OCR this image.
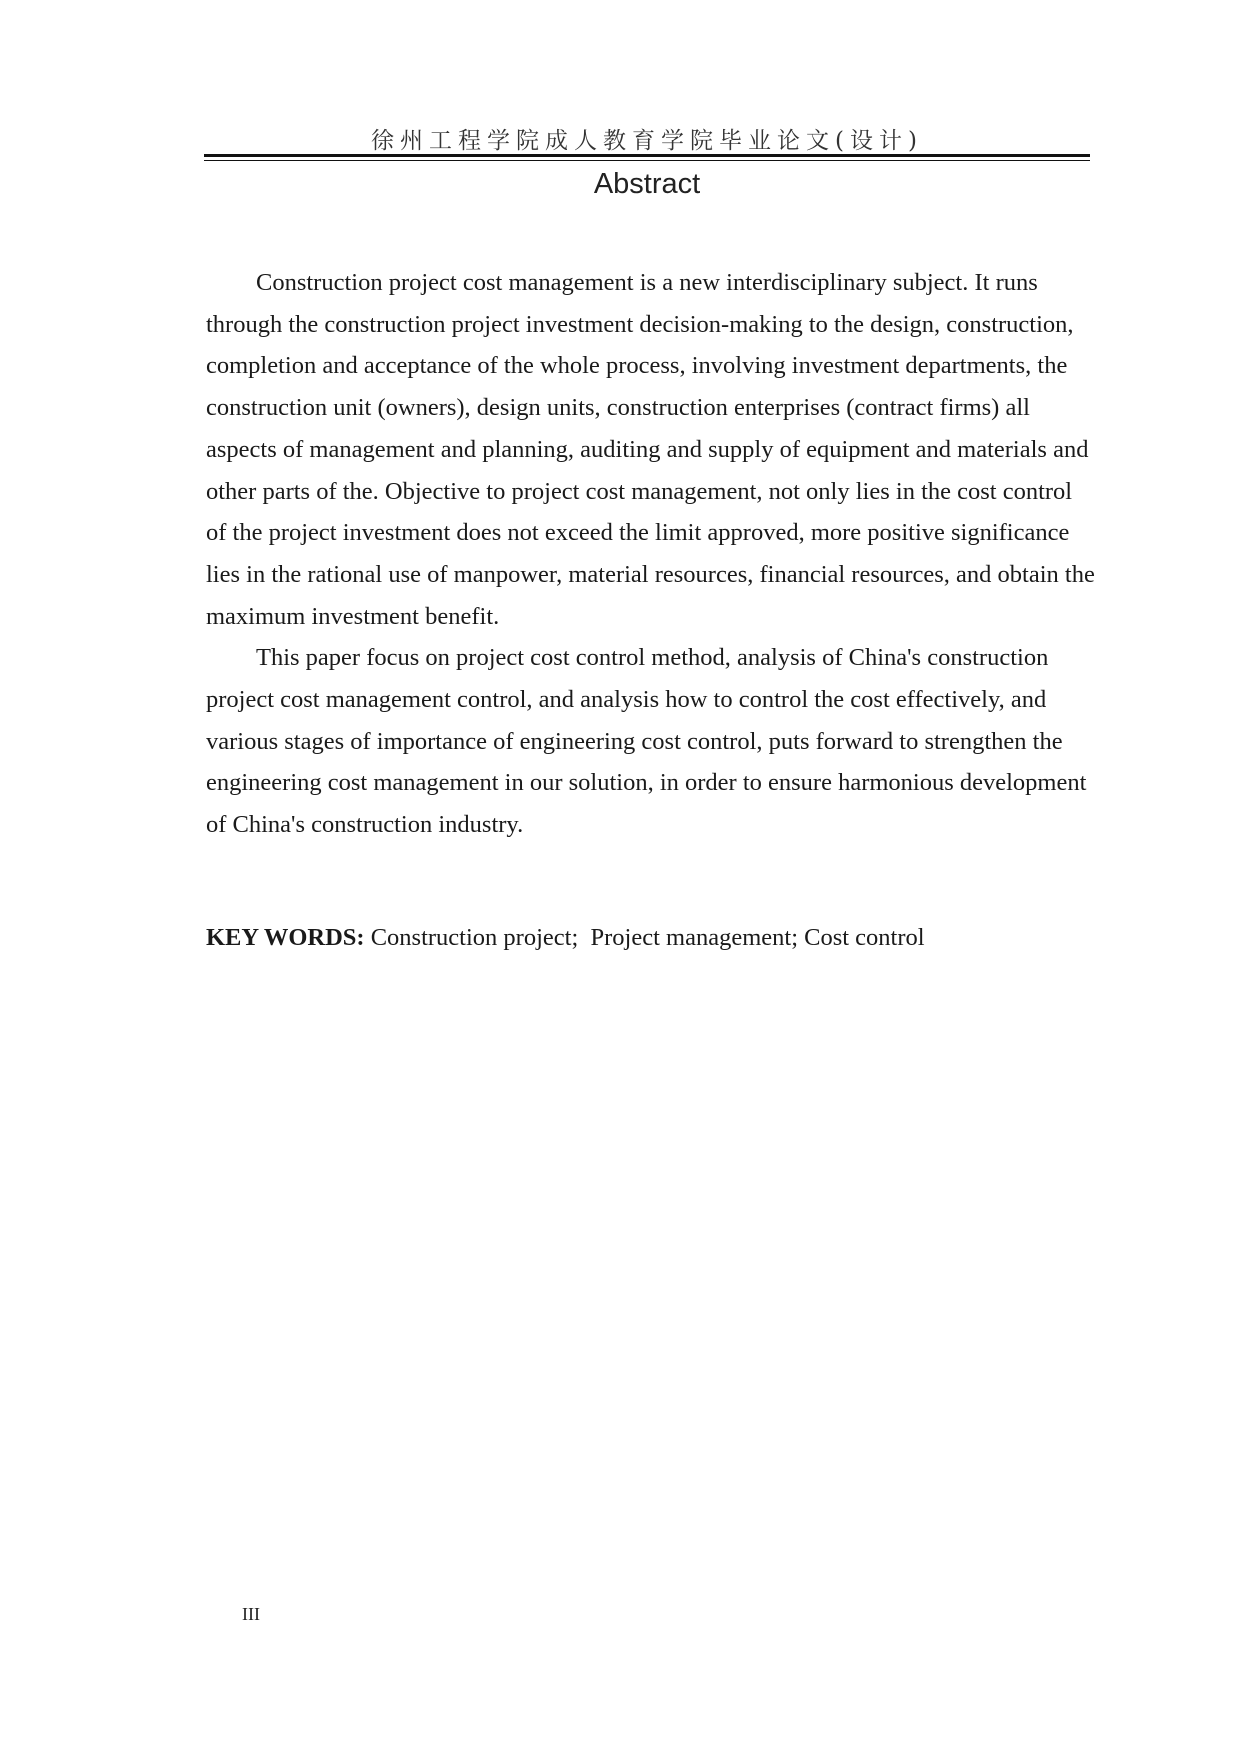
徐州工程学院成人教育学院毕业论文(设计)
Abstract

Construction project cost management is a new interdisciplinary subject. It runs through the construction project investment decision-making to the design, construction, completion and acceptance of the whole process, involving investment departments, the construction unit (owners), design units, construction enterprises (contract firms) all aspects of management and planning, auditing and supply of equipment and materials and other parts of the. Objective to project cost management, not only lies in the cost control of the project investment does not exceed the limit approved, more positive significance lies in the rational use of manpower, material resources, financial resources, and obtain the maximum investment benefit.

This paper focus on project cost control method, analysis of China's construction project cost management control, and analysis how to control the cost effectively, and various stages of importance of engineering cost control, puts forward to strengthen the engineering cost management in our solution, in order to ensure harmonious development of China's construction industry.

KEY WORDS: Construction project;  Project management; Cost control
III
